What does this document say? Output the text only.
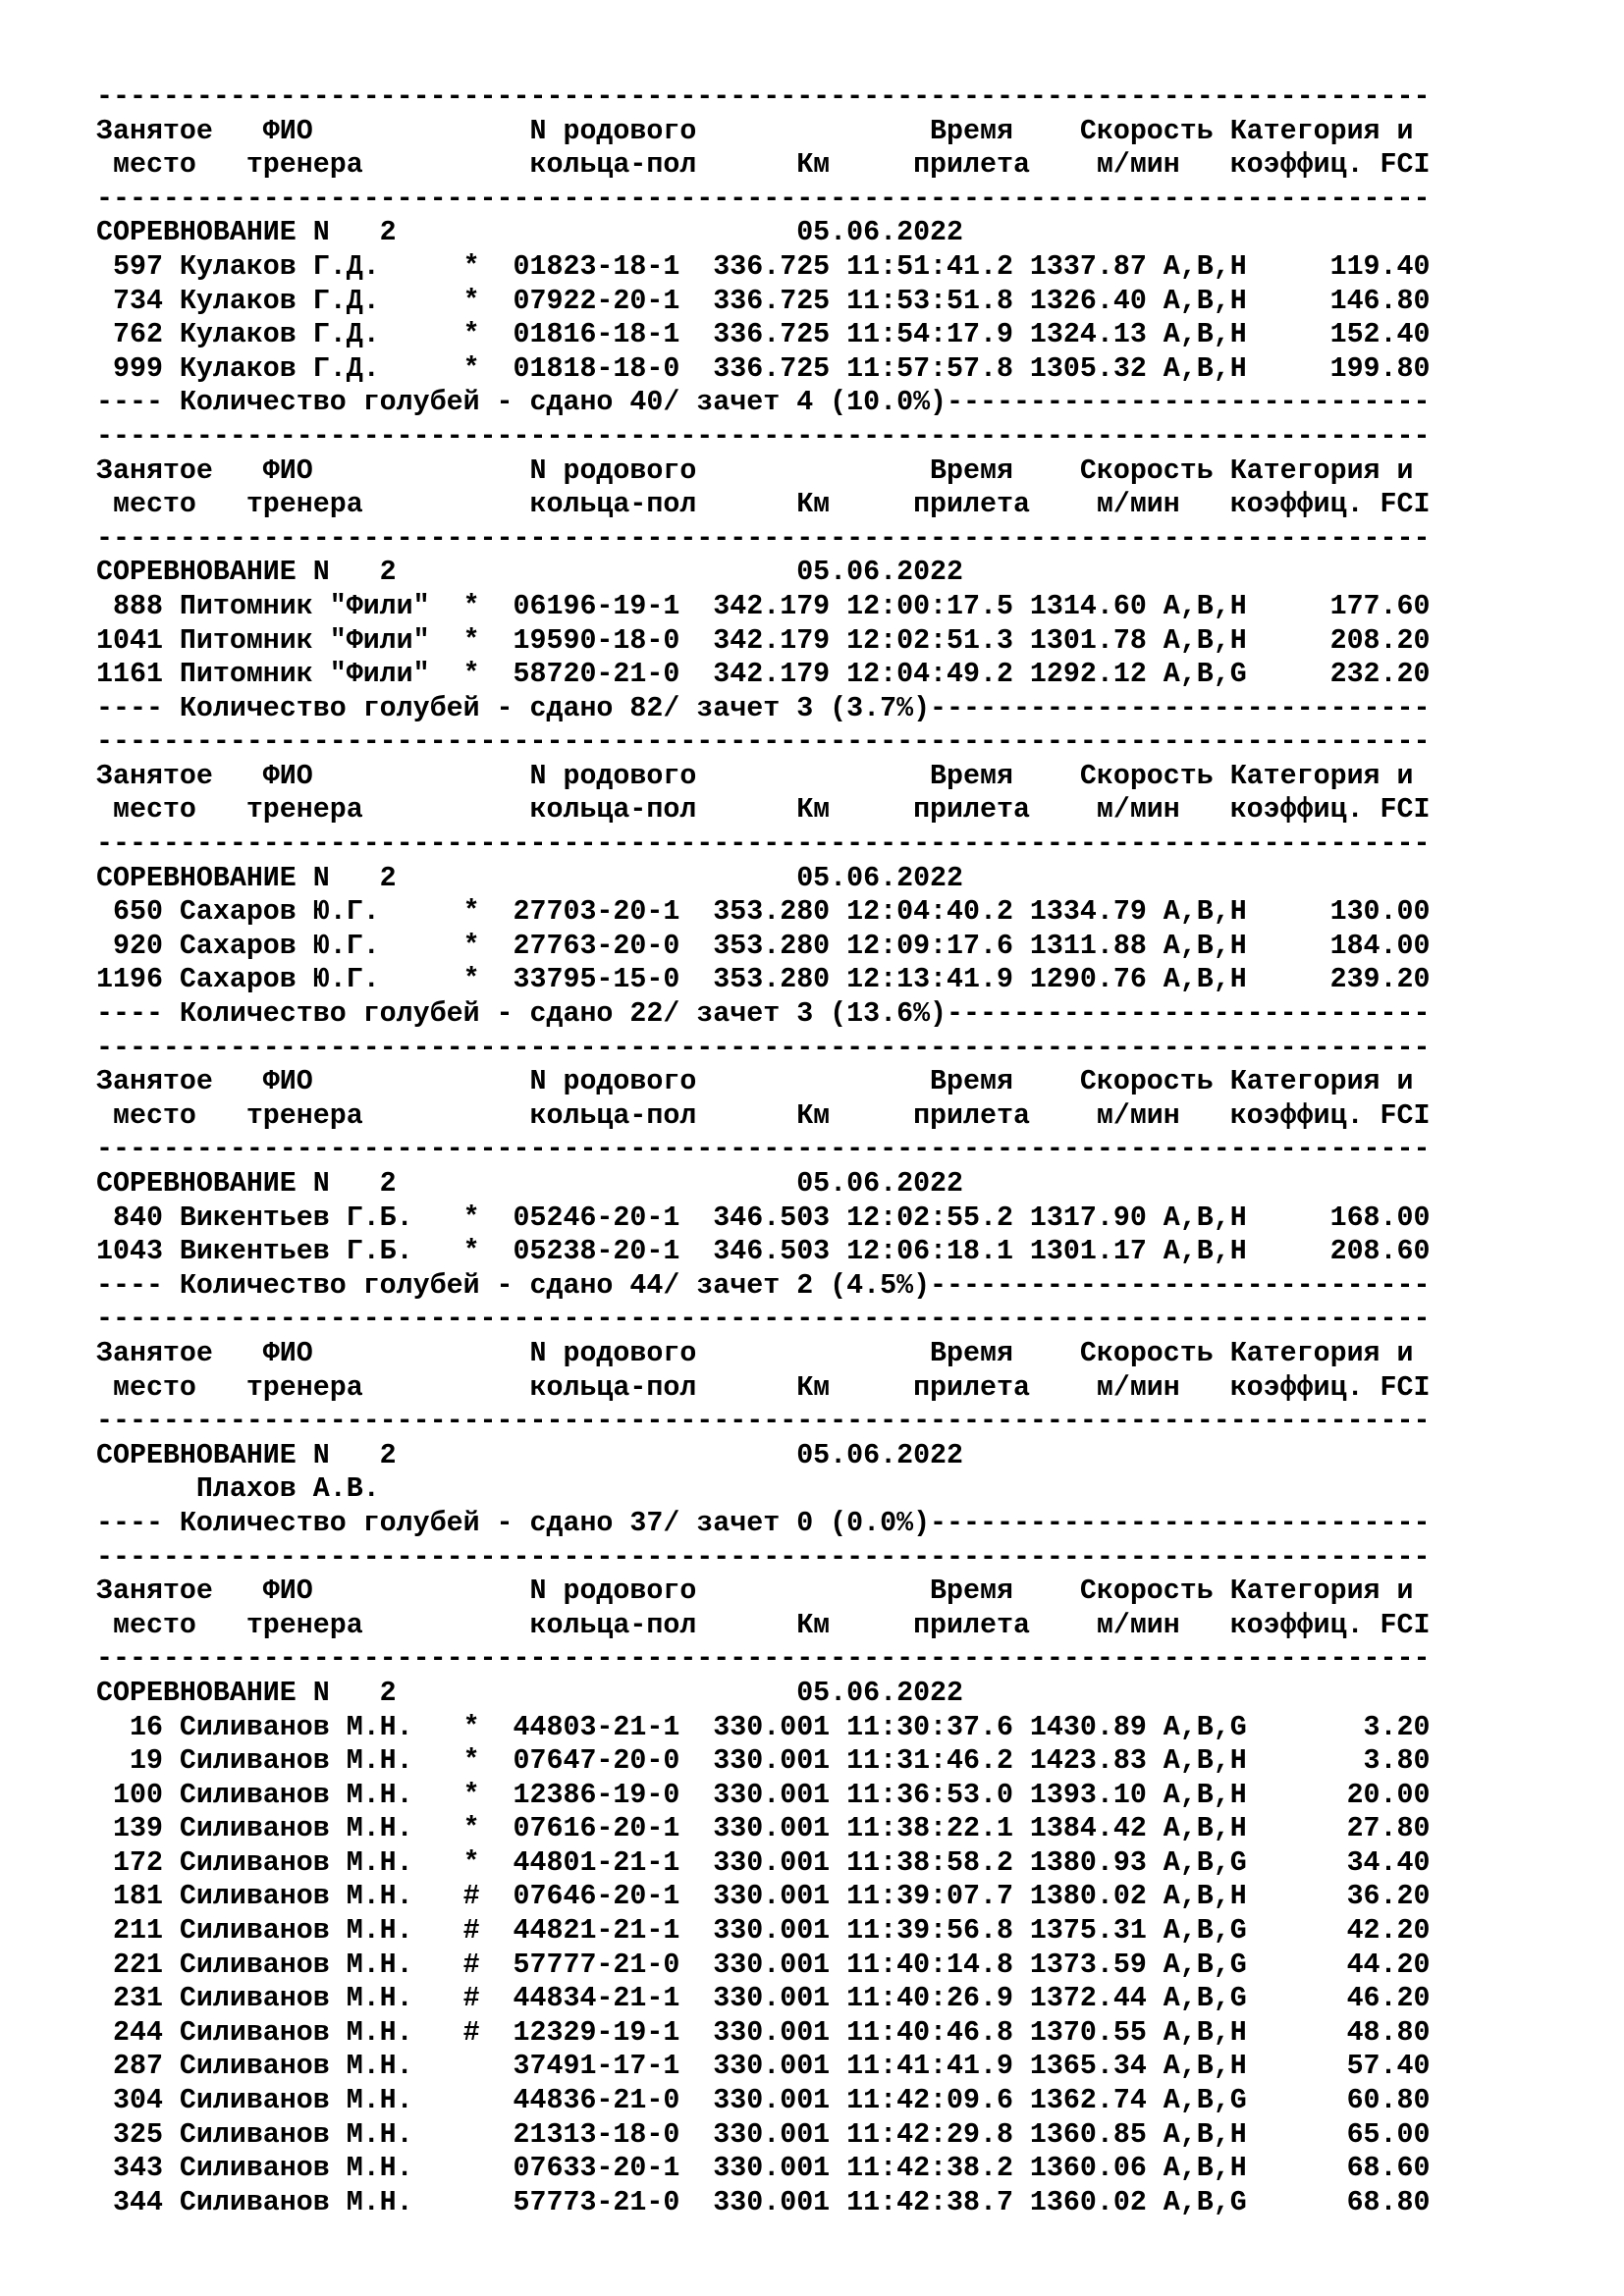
--------------------------------------------------------------------------------
Занятое   ФИО             N родового              Время    Скорость Категория и
место   тренера          кольца-пол      Км     прилета    м/мин   коэффиц. FCI
--------------------------------------------------------------------------------
СОРЕВНОВАНИЕ N   2                        05.06.2022
597 Кулаков Г.Д.     *  01823-18-1  336.725 11:51:41.2 1337.87 A,B,H     119.40
734 Кулаков Г.Д.     *  07922-20-1  336.725 11:53:51.8 1326.40 A,B,H     146.80
762 Кулаков Г.Д.     *  01816-18-1  336.725 11:54:17.9 1324.13 A,B,H     152.40
999 Кулаков Г.Д.     *  01818-18-0  336.725 11:57:57.8 1305.32 A,B,H     199.80
---- Количество голубей - сдано 40/ зачет 4 (10.0%)-----------------------------
--------------------------------------------------------------------------------
Занятое   ФИО             N родового              Время    Скорость Категория и
место   тренера          кольца-пол      Км     прилета    м/мин   коэффиц. FCI
--------------------------------------------------------------------------------
СОРЕВНОВАНИЕ N   2                        05.06.2022
888 Питомник "Фили"  *  06196-19-1  342.179 12:00:17.5 1314.60 A,B,H     177.60
1041 Питомник "Фили"  *  19590-18-0  342.179 12:02:51.3 1301.78 A,B,H     208.20
1161 Питомник "Фили"  *  58720-21-0  342.179 12:04:49.2 1292.12 A,B,G     232.20
---- Количество голубей - сдано 82/ зачет 3 (3.7%)------------------------------
--------------------------------------------------------------------------------
Занятое   ФИО             N родового              Время    Скорость Категория и
место   тренера          кольца-пол      Км     прилета    м/мин   коэффиц. FCI
--------------------------------------------------------------------------------
СОРЕВНОВАНИЕ N   2                        05.06.2022
650 Сахаров Ю.Г.     *  27703-20-1  353.280 12:04:40.2 1334.79 A,B,H     130.00
920 Сахаров Ю.Г.     *  27763-20-0  353.280 12:09:17.6 1311.88 A,B,H     184.00
1196 Сахаров Ю.Г.     *  33795-15-0  353.280 12:13:41.9 1290.76 A,B,H     239.20
---- Количество голубей - сдано 22/ зачет 3 (13.6%)-----------------------------
--------------------------------------------------------------------------------
Занятое   ФИО             N родового              Время    Скорость Категория и
место   тренера          кольца-пол      Км     прилета    м/мин   коэффиц. FCI
--------------------------------------------------------------------------------
СОРЕВНОВАНИЕ N   2                        05.06.2022
840 Викентьев Г.Б.   *  05246-20-1  346.503 12:02:55.2 1317.90 A,B,H     168.00
1043 Викентьев Г.Б.   *  05238-20-1  346.503 12:06:18.1 1301.17 A,B,H     208.60
---- Количество голубей - сдано 44/ зачет 2 (4.5%)------------------------------
--------------------------------------------------------------------------------
Занятое   ФИО             N родового              Время    Скорость Категория и
место   тренера          кольца-пол      Км     прилета    м/мин   коэффиц. FCI
--------------------------------------------------------------------------------
СОРЕВНОВАНИЕ N   2                        05.06.2022
Плахов А.В.
---- Количество голубей - сдано 37/ зачет 0 (0.0%)------------------------------
--------------------------------------------------------------------------------
Занятое   ФИО             N родового              Время    Скорость Категория и
место   тренера          кольца-пол      Км     прилета    м/мин   коэффиц. FCI
--------------------------------------------------------------------------------
СОРЕВНОВАНИЕ N   2                        05.06.2022
16 Силиванов М.Н.   *  44803-21-1  330.001 11:30:37.6 1430.89 A,B,G       3.20
19 Силиванов М.Н.   *  07647-20-0  330.001 11:31:46.2 1423.83 A,B,H       3.80
100 Силиванов М.Н.   *  12386-19-0  330.001 11:36:53.0 1393.10 A,B,H      20.00
139 Силиванов М.Н.   *  07616-20-1  330.001 11:38:22.1 1384.42 A,B,H      27.80
172 Силиванов М.Н.   *  44801-21-1  330.001 11:38:58.2 1380.93 A,B,G      34.40
181 Силиванов М.Н.   #  07646-20-1  330.001 11:39:07.7 1380.02 A,B,H      36.20
211 Силиванов М.Н.   #  44821-21-1  330.001 11:39:56.8 1375.31 A,B,G      42.20
221 Силиванов М.Н.   #  57777-21-0  330.001 11:40:14.8 1373.59 A,B,G      44.20
231 Силиванов М.Н.   #  44834-21-1  330.001 11:40:26.9 1372.44 A,B,G      46.20
244 Силиванов М.Н.   #  12329-19-1  330.001 11:40:46.8 1370.55 A,B,H      48.80
287 Силиванов М.Н.      37491-17-1  330.001 11:41:41.9 1365.34 A,B,H      57.40
304 Силиванов М.Н.      44836-21-0  330.001 11:42:09.6 1362.74 A,B,G      60.80
325 Силиванов М.Н.      21313-18-0  330.001 11:42:29.8 1360.85 A,B,H      65.00
343 Силиванов М.Н.      07633-20-1  330.001 11:42:38.2 1360.06 A,B,H      68.60
344 Силиванов М.Н.      57773-21-0  330.001 11:42:38.7 1360.02 A,B,G      68.80
